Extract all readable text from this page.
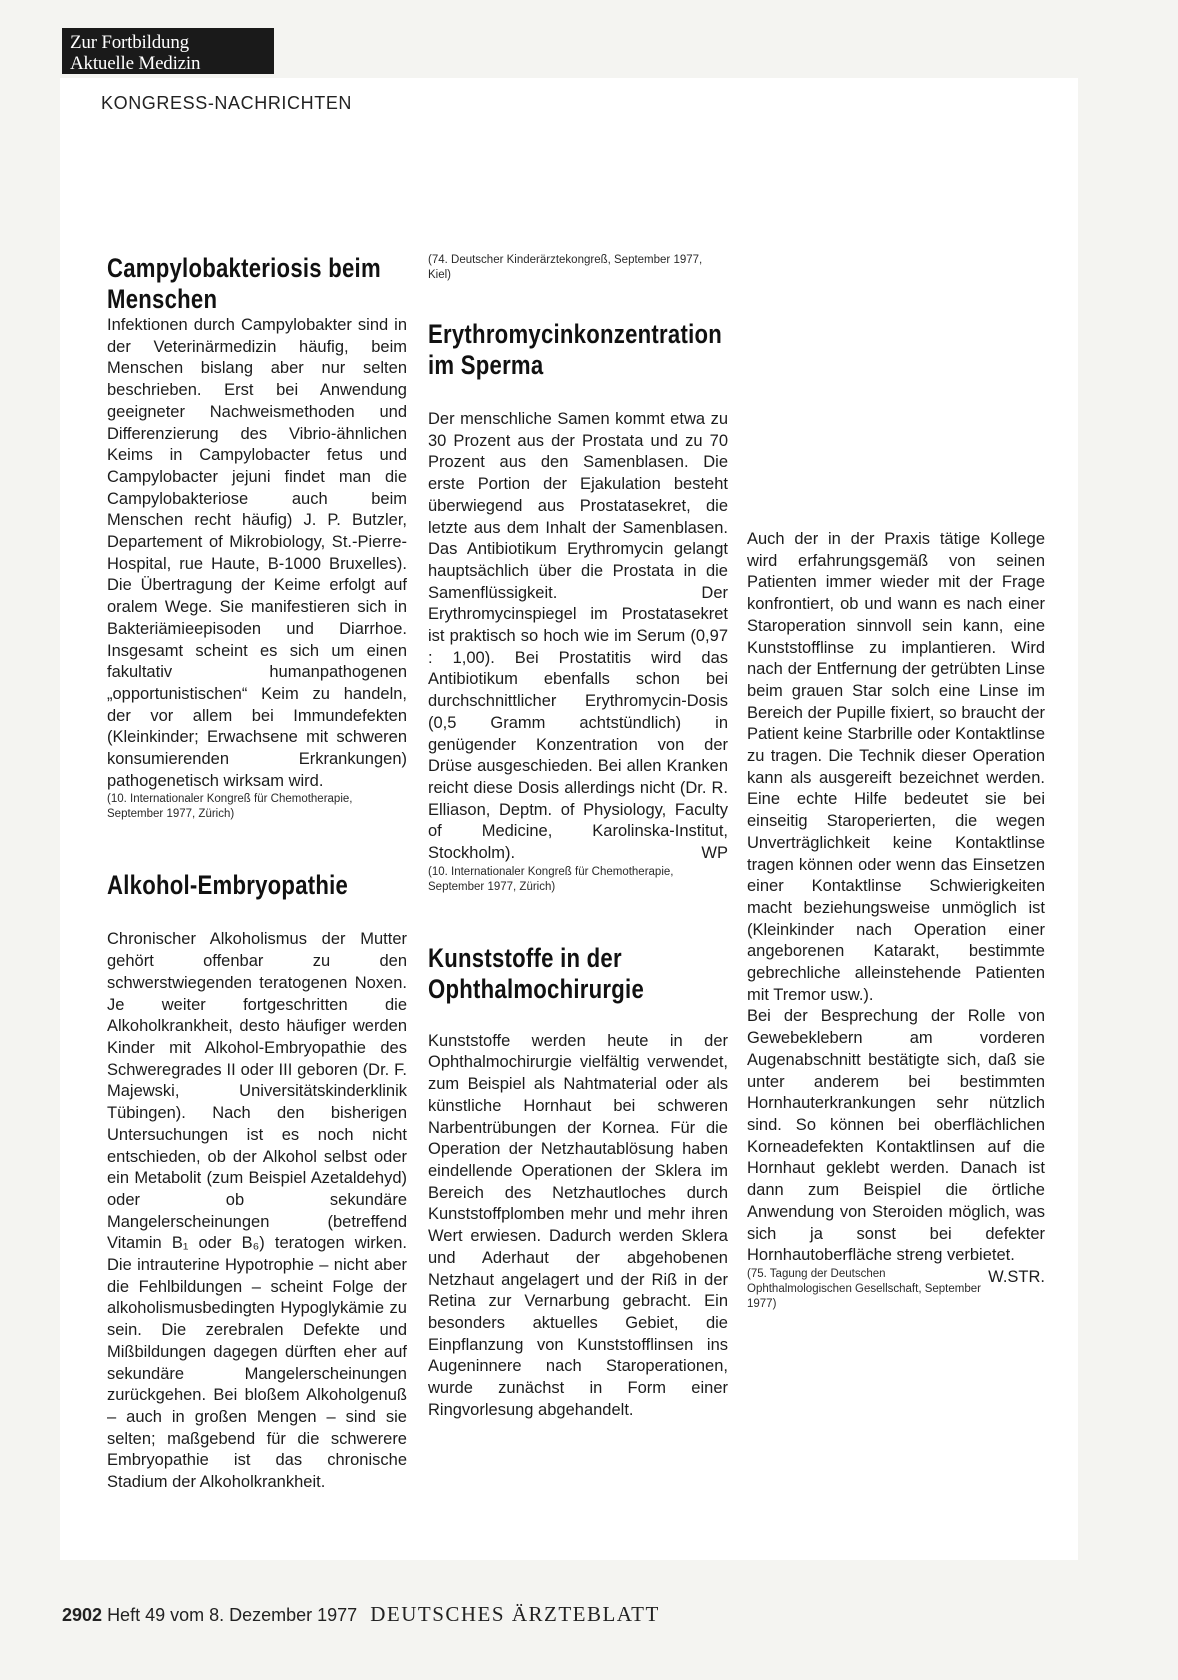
Zur Fortbildung
Aktuelle Medizin
KONGRESS-NACHRICHTEN
Campylobakteriosis beim Menschen

Infektionen durch Campylobakter sind in der Veterinärmedizin häufig, beim Menschen bislang aber nur selten beschrieben. Erst bei Anwendung geeigneter Nachweismethoden und Differenzierung des Vibrio-ähnlichen Keims in Campylobacter fetus und Campylobacter jejuni findet man die Campylobakteriose auch beim Menschen recht häufig) J. P. Butzler, Departement of Mikrobiology, St.-Pierre-Hospital, rue Haute, B-1000 Bruxelles). Die Übertragung der Keime erfolgt auf oralem Wege. Sie manifestieren sich in Bakteriämieepisoden und Diarrhoe. Insgesamt scheint es sich um einen fakultativ humanpathogenen „opportunistischen“ Keim zu handeln, der vor allem bei Immundefekten (Kleinkinder; Erwachsene mit schweren konsumierenden Erkrankungen) pathogenetisch wirksam wird.

(10. Internationaler Kongreß für Chemotherapie, September 1977, Zürich)

Alkohol-Embryopathie

Chronischer Alkoholismus der Mutter gehört offenbar zu den schwerstwiegenden teratogenen Noxen. Je weiter fortgeschritten die Alkoholkrankheit, desto häufiger werden Kinder mit Alkohol-Embryopathie des Schweregrades II oder III geboren (Dr. F. Majewski, Universitätskinderklinik Tübingen). Nach den bisherigen Untersuchungen ist es noch nicht entschieden, ob der Alkohol selbst oder ein Metabolit (zum Beispiel Azetaldehyd) oder ob sekundäre Mangelerscheinungen (betreffend Vitamin B₁ oder B₆) teratogen wirken. Die intrauterine Hypotrophie – nicht aber die Fehlbildungen – scheint Folge der alkoholismusbedingten Hypoglykämie zu sein. Die zerebralen Defekte und Mißbildungen dagegen dürften eher auf sekundäre Mangelerscheinungen zurückgehen. Bei bloßem Alkoholgenuß – auch in großen Mengen – sind sie selten; maßgebend für die schwerere Embryopathie ist das chronische Stadium der Alkoholkrankheit.

(74. Deutscher Kinderärztekongreß, September 1977, Kiel)

Erythromycinkonzentration im Sperma

Der menschliche Samen kommt etwa zu 30 Prozent aus der Prostata und zu 70 Prozent aus den Samenblasen. Die erste Portion der Ejakulation besteht überwiegend aus Prostatasekret, die letzte aus dem Inhalt der Samenblasen. Das Antibiotikum Erythromycin gelangt hauptsächlich über die Prostata in die Samenflüssigkeit. Der Erythromycinspiegel im Prostatasekret ist praktisch so hoch wie im Serum (0,97 : 1,00). Bei Prostatitis wird das Antibiotikum ebenfalls schon bei durchschnittlicher Erythromycin-Dosis (0,5 Gramm achtstündlich) in genügender Konzentration von der Drüse ausgeschieden. Bei allen Kranken reicht diese Dosis allerdings nicht (Dr. R. Elliason, Deptm. of Physiology, Faculty of Medicine, Karolinska-Institut, Stockholm).	WP

(10. Internationaler Kongreß für Chemotherapie, September 1977, Zürich)

Kunststoffe in der Ophthalmochirurgie

Kunststoffe werden heute in der Ophthalmochirurgie vielfältig verwendet, zum Beispiel als Nahtmaterial oder als künstliche Hornhaut bei schweren Narbentrübungen der Kornea. Für die Operation der Netzhautablösung haben eindellende Operationen der Sklera im Bereich des Netzhautloches durch Kunststoffplomben mehr und mehr ihren Wert erwiesen. Dadurch werden Sklera und Aderhaut der abgehobenen Netzhaut angelagert und der Riß in der Retina zur Vernarbung gebracht. Ein besonders aktuelles Gebiet, die Einpflanzung von Kunststofflinsen ins Augeninnere nach Staroperationen, wurde zunächst in Form einer Ringvorlesung abgehandelt.

Auch der in der Praxis tätige Kollege wird erfahrungsgemäß von seinen Patienten immer wieder mit der Frage konfrontiert, ob und wann es nach einer Staroperation sinnvoll sein kann, eine Kunststofflinse zu implantieren. Wird nach der Entfernung der getrübten Linse beim grauen Star solch eine Linse im Bereich der Pupille fixiert, so braucht der Patient keine Starbrille oder Kontaktlinse zu tragen. Die Technik dieser Operation kann als ausgereift bezeichnet werden. Eine echte Hilfe bedeutet sie bei einseitig Staroperierten, die wegen Unverträglichkeit keine Kontaktlinse tragen können oder wenn das Einsetzen einer Kontaktlinse Schwierigkeiten macht beziehungsweise unmöglich ist (Kleinkinder nach Operation einer angeborenen Katarakt, bestimmte gebrechliche alleinstehende Patienten mit Tremor usw.).

Bei der Besprechung der Rolle von Gewebeklebern am vorderen Augenabschnitt bestätigte sich, daß sie unter anderem bei bestimmten Hornhauterkrankungen sehr nützlich sind. So können bei oberflächlichen Korneadefekten Kontaktlinsen auf die Hornhaut geklebt werden. Danach ist dann zum Beispiel die örtliche Anwendung von Steroiden möglich, was sich ja sonst bei defekter Hornhautoberfläche streng verbietet.
W.STR.

(75. Tagung der Deutschen Ophthalmologischen Gesellschaft, September 1977)

2902 Heft 49 vom 8. Dezember 1977 DEUTSCHES ÄRZTEBLATT
